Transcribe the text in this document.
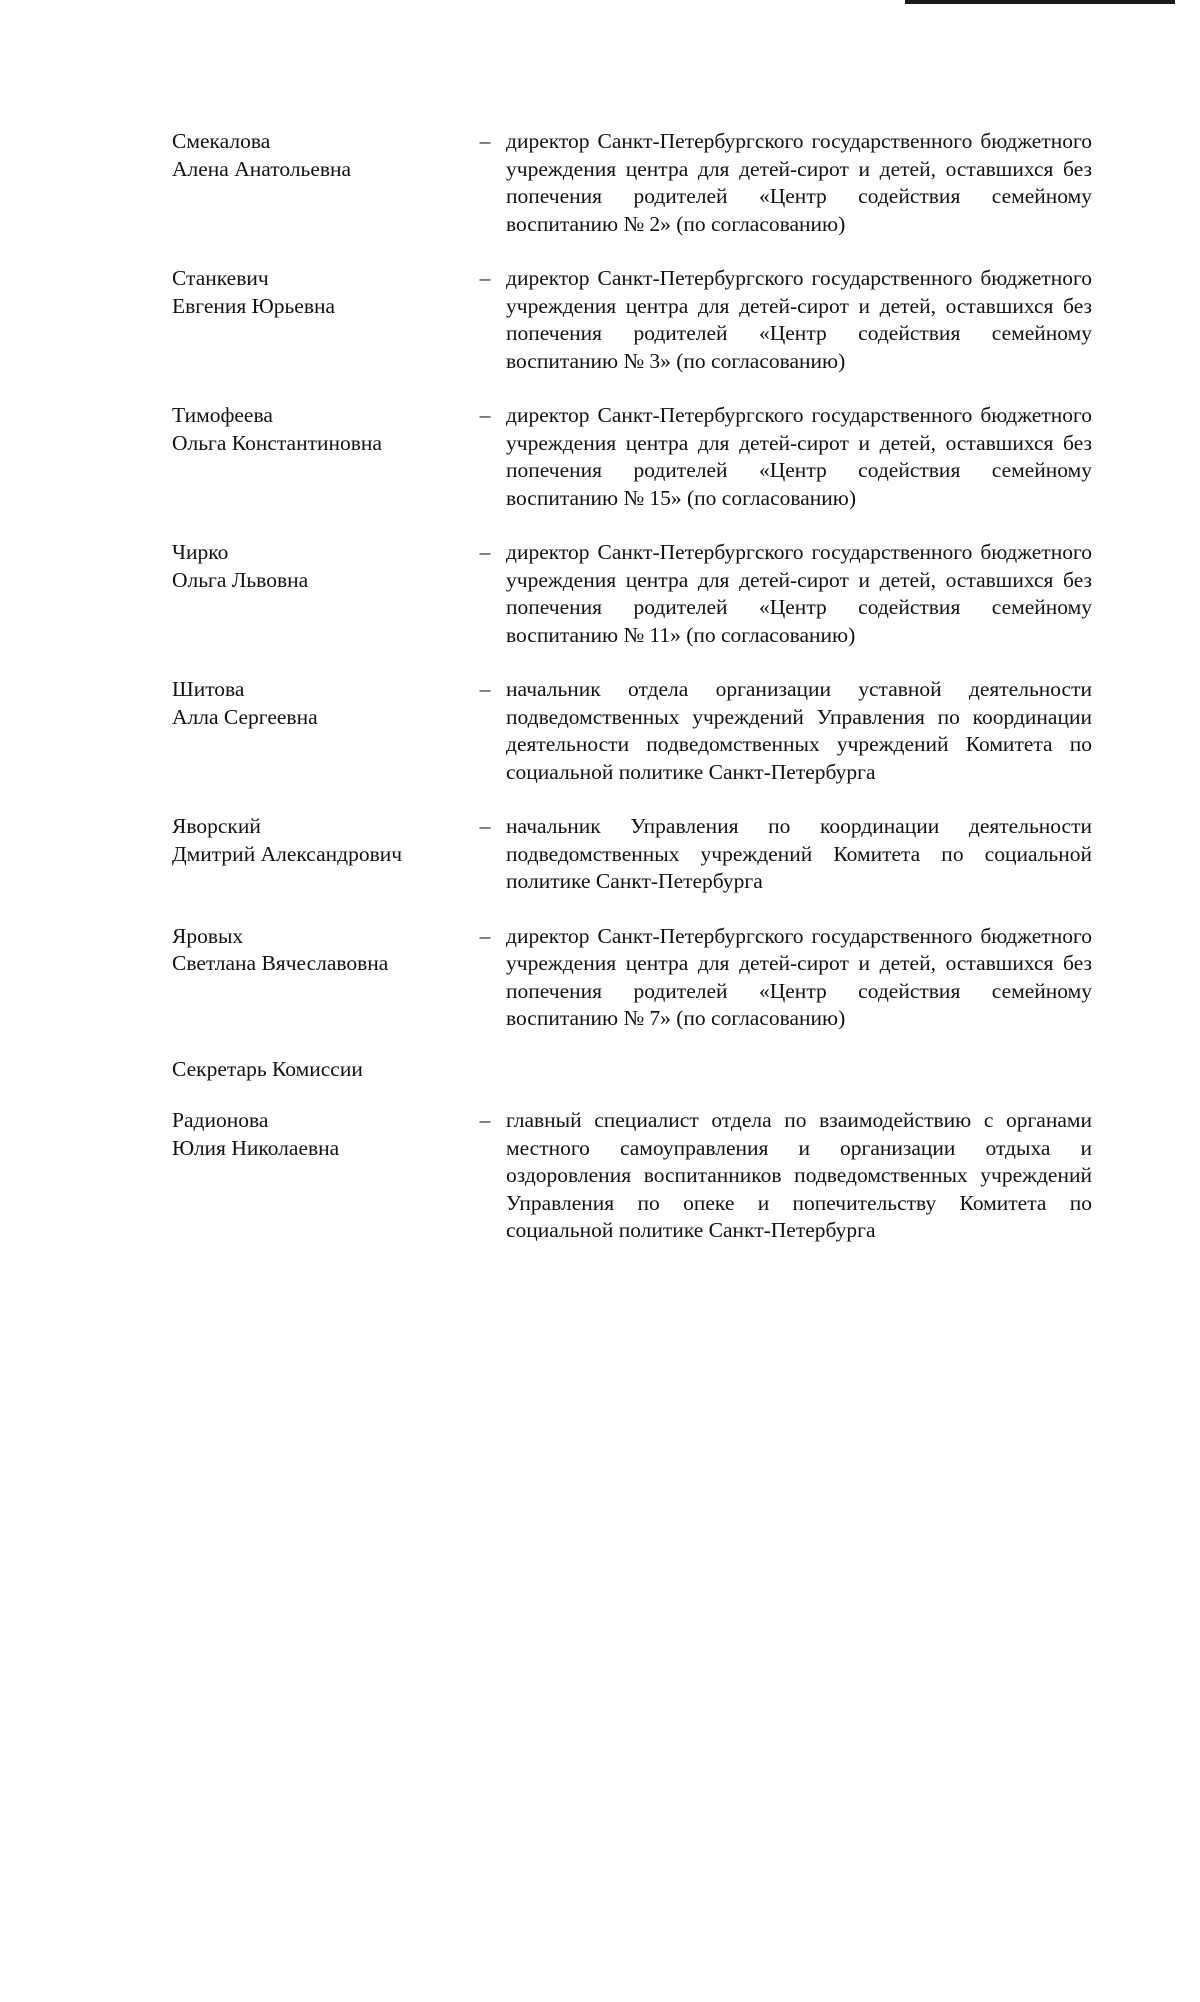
Смекалова
Алена Анатольевна
– директор Санкт-Петербургского государственного бюджетного учреждения центра для детей-сирот и детей, оставшихся без попечения родителей «Центр содействия семейному воспитанию № 2» (по согласованию)
Станкевич
Евгения Юрьевна
– директор Санкт-Петербургского государственного бюджетного учреждения центра для детей-сирот и детей, оставшихся без попечения родителей «Центр содействия семейному воспитанию № 3» (по согласованию)
Тимофеева
Ольга Константиновна
– директор Санкт-Петербургского государственного бюджетного учреждения центра для детей-сирот и детей, оставшихся без попечения родителей «Центр содействия семейному воспитанию № 15» (по согласованию)
Чирко
Ольга Львовна
– директор Санкт-Петербургского государственного бюджетного учреждения центра для детей-сирот и детей, оставшихся без попечения родителей «Центр содействия семейному воспитанию № 11» (по согласованию)
Шитова
Алла Сергеевна
– начальник отдела организации уставной деятельности подведомственных учреждений Управления по координации деятельности подведомственных учреждений Комитета по социальной политике Санкт-Петербурга
Яворский
Дмитрий Александрович
– начальник Управления по координации деятельности подведомственных учреждений Комитета по социальной политике Санкт-Петербурга
Яровых
Светлана Вячеславовна
– директор Санкт-Петербургского государственного бюджетного учреждения центра для детей-сирот и детей, оставшихся без попечения родителей «Центр содействия семейному воспитанию № 7» (по согласованию)
Секретарь Комиссии
Радионова
Юлия Николаевна
– главный специалист отдела по взаимодействию с органами местного самоуправления и организации отдыха и оздоровления воспитанников подведомственных учреждений Управления по опеке и попечительству Комитета по социальной политике Санкт-Петербурга
